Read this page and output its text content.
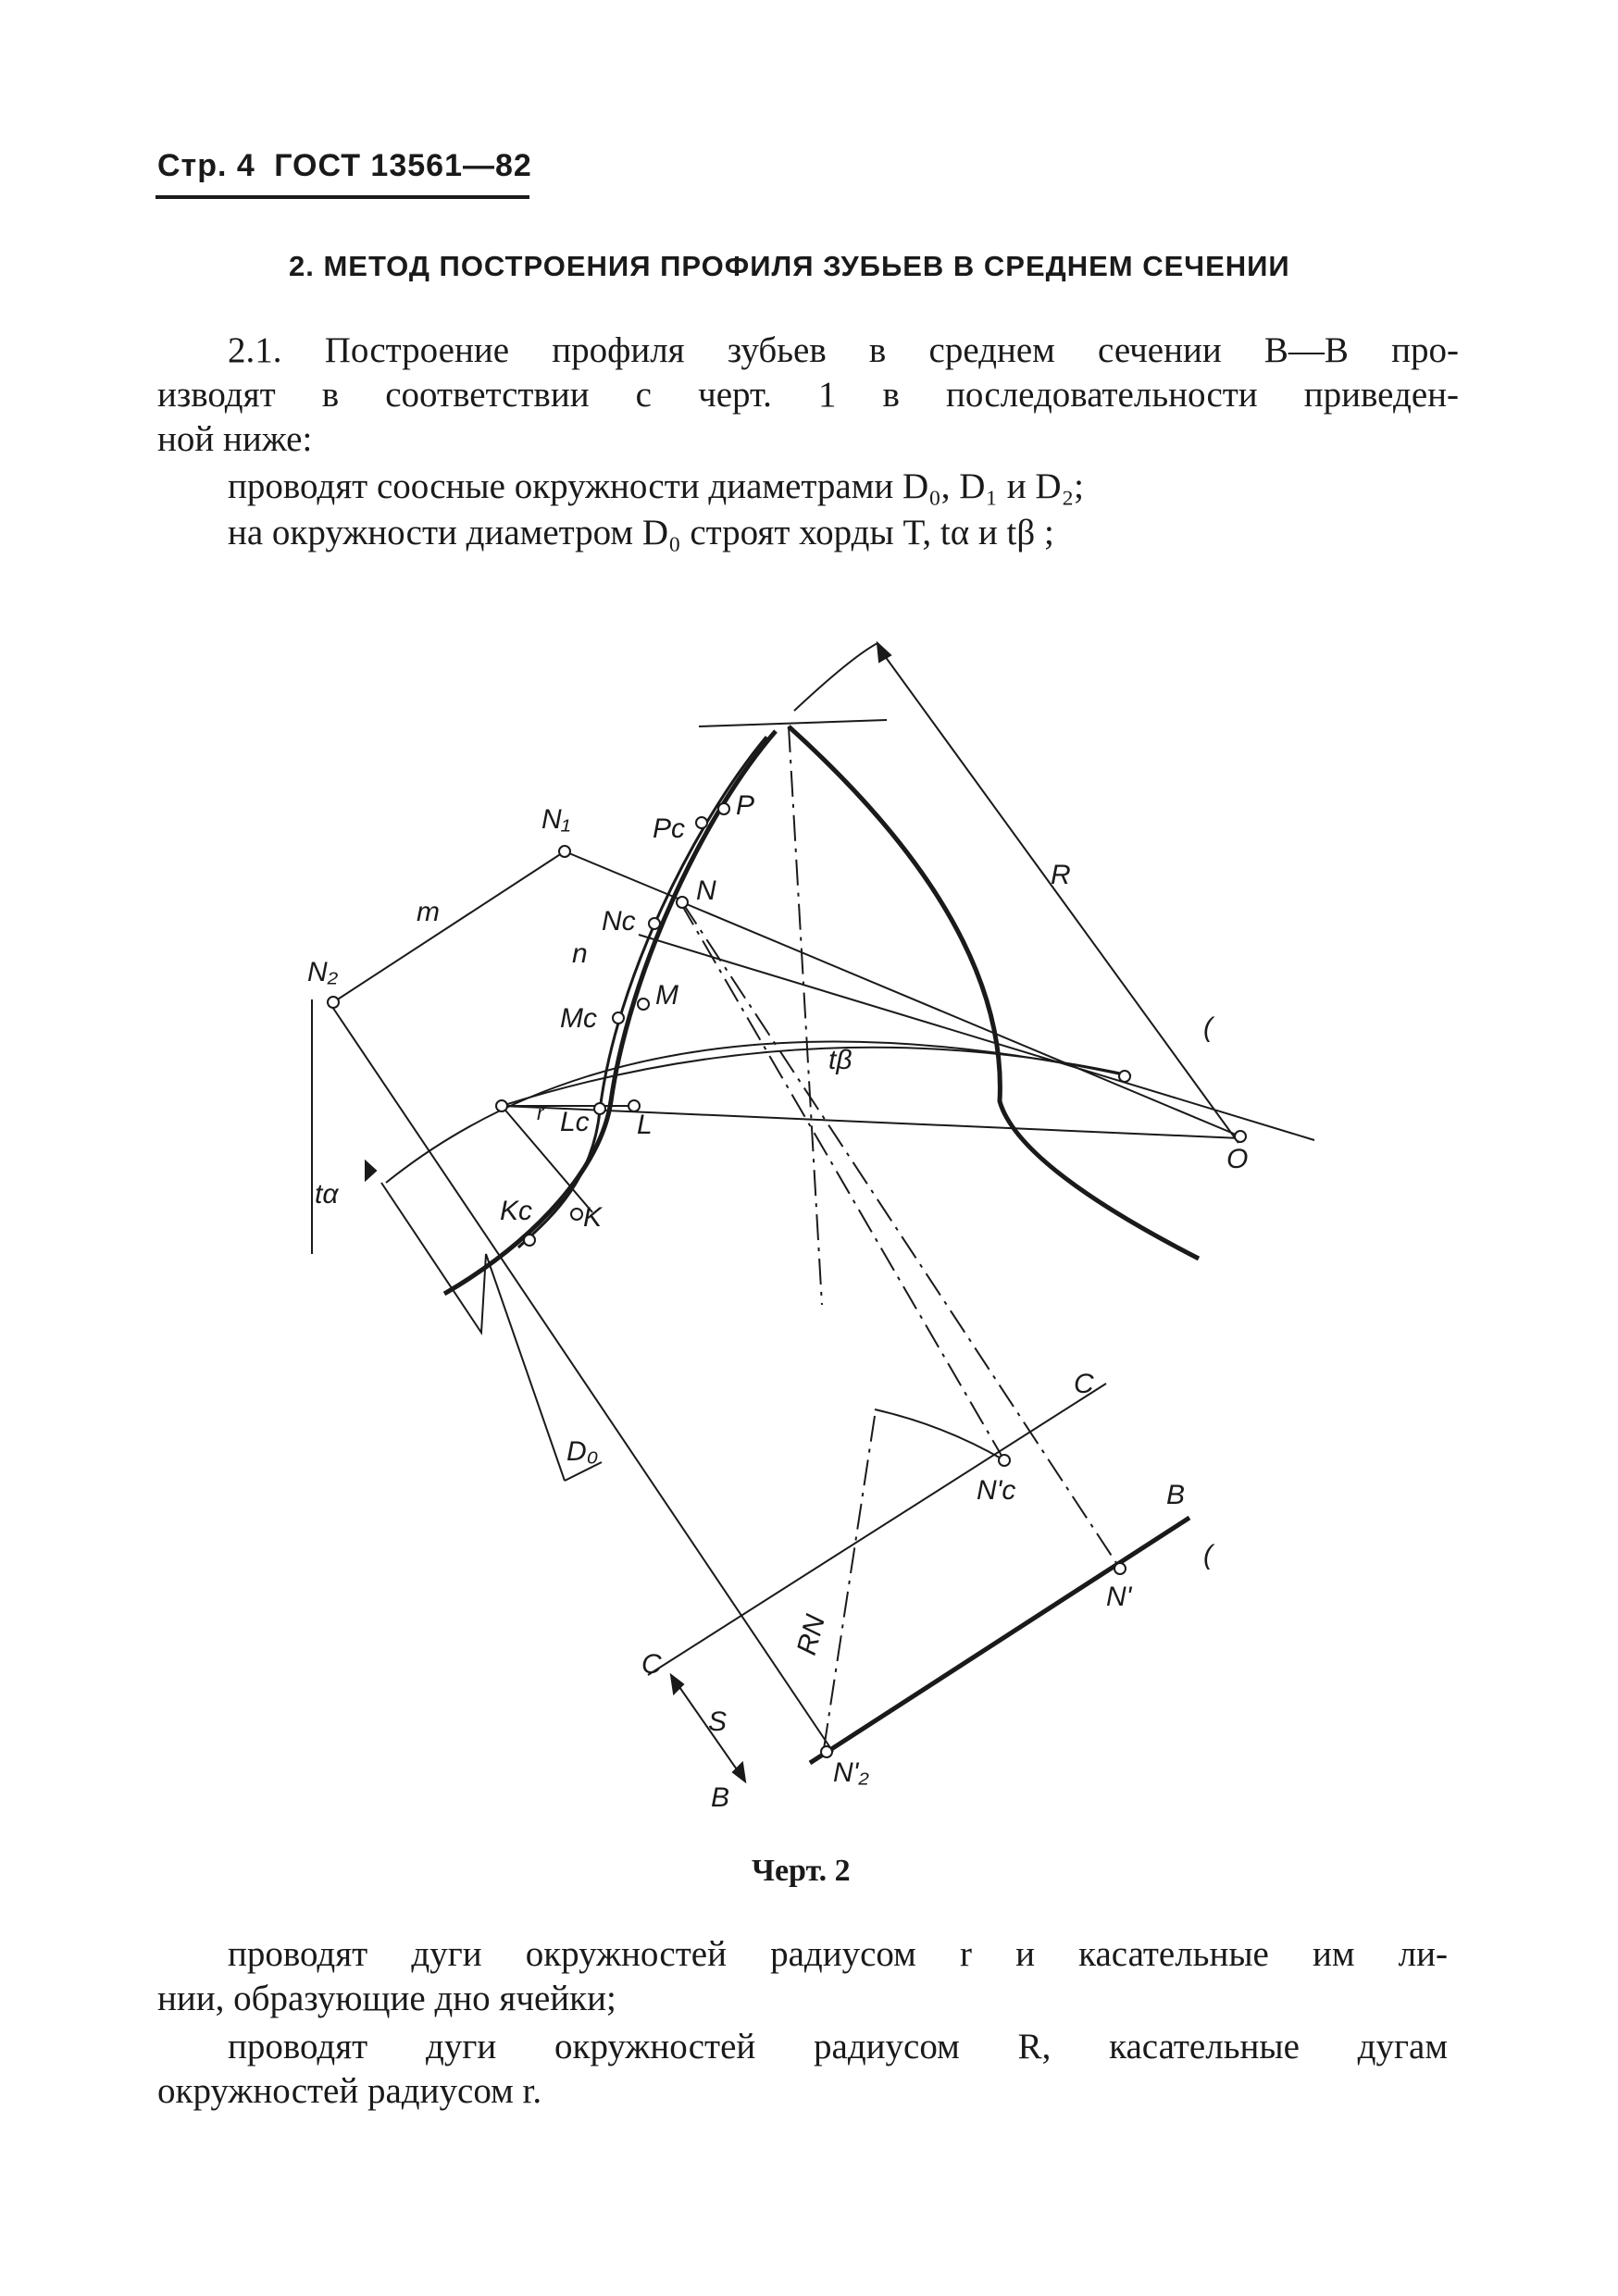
Стр. 4 ГОСТ 13561—82
2. МЕТОД ПОСТРОЕНИЯ ПРОФИЛЯ ЗУБЬЕВ В СРЕДНЕМ СЕЧЕНИИ
2.1. Построение профиля зубьев в среднем сечении B—B про-
изводят в соответствии с черт. 1 в последовательности приведен-
ной ниже:
проводят соосные окружности диаметрами D₀, D₁ и D₂;
на окружности диаметром D₀ строят хорды T, tα и tβ ;
N₁
N₂
m
Pc
P
N
Nc
n
Mc
M
R
tβ
(
Lc L
r
O
tα
Kc K
D₀
C
N'c	B
(
N'
RN
C
S
N'₂
B
Черт. 2
проводят дуги окружностей радиусом r и касательные им ли-
нии, образующие дно ячейки;
проводят дуги окружностей радиусом R, касательные дугам
окружностей радиусом r.
